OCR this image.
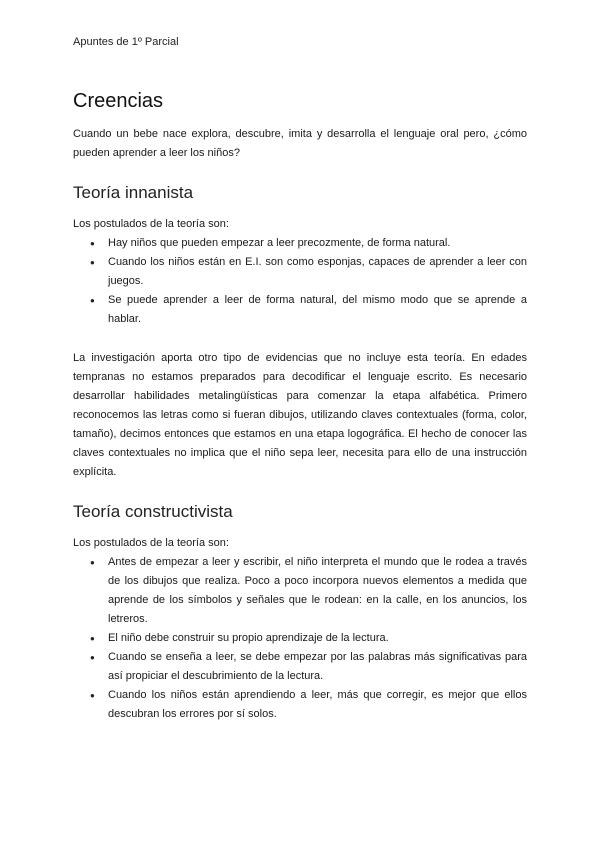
Apuntes de 1º Parcial
Creencias

Cuando un bebe nace explora, descubre, imita y desarrolla el lenguaje oral pero, ¿cómo pueden aprender a leer los niños?

Teoría innanista

Los postulados de la teoría son:

● Hay niños que pueden empezar a leer precozmente, de forma natural.
● Cuando los niños están en E.I. son como esponjas, capaces de aprender a leer con juegos.
● Se puede aprender a leer de forma natural, del mismo modo que se aprende a hablar.

La investigación aporta otro tipo de evidencias que no incluye esta teoría. En edades tempranas no estamos preparados para decodificar el lenguaje escrito. Es necesario desarrollar habilidades metalingüísticas para comenzar la etapa alfabética. Primero reconocemos las letras como si fueran dibujos, utilizando claves contextuales (forma, color, tamaño), decimos entonces que estamos en una etapa logográfica. El hecho de conocer las claves contextuales no implica que el niño sepa leer, necesita para ello de una instrucción explícita.

Teoría constructivista

Los postulados de la teoría son:

● Antes de empezar a leer y escribir, el niño interpreta el mundo que le rodea a través de los dibujos que realiza. Poco a poco incorpora nuevos elementos a medida que aprende de los símbolos y señales que le rodean: en la calle, en los anuncios, los letreros.
● El niño debe construir su propio aprendizaje de la lectura.
● Cuando se enseña a leer, se debe empezar por las palabras más significativas para así propiciar el descubrimiento de la lectura.
● Cuando los niños están aprendiendo a leer, más que corregir, es mejor que ellos descubran los errores por sí solos.
